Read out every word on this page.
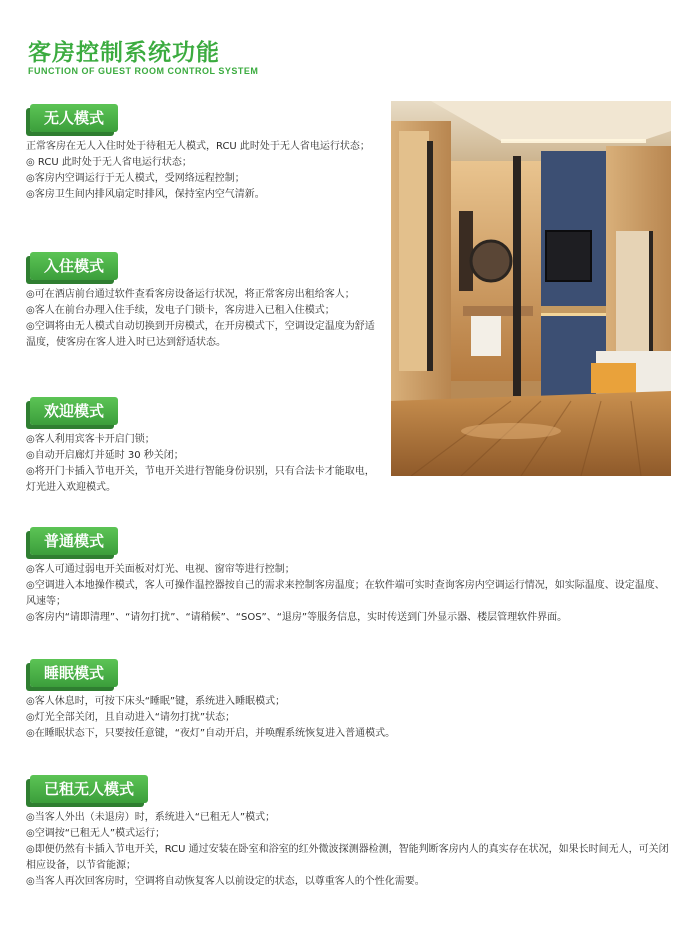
客房控制系统功能
FUNCTION OF GUEST ROOM CONTROL SYSTEM
无人模式

正常客房在无人入住时处于待租无人模式，RCU 此时处于无人省电运行状态；

◎ RCU 此时处于无人省电运行状态；

◎客房内空调运行于无人模式，受网络远程控制；

◎客房卫生间内排风扇定时排风，保持室内空气清新。

入住模式

◎可在酒店前台通过软件查看客房设备运行状况，将正常客房出租给客人；

◎客人在前台办理入住手续，发电子门锁卡，客房进入已租入住模式；

◎空调将由无人模式自动切换到开房模式，在开房模式下，空调设定温度为舒适温度，使客房在客人进入时已达到舒适状态。

欢迎模式

◎客人利用宾客卡开启门锁；

◎自动开启廊灯并延时 30 秒关闭；

◎将开门卡插入节电开关，节电开关进行智能身份识别，只有合法卡才能取电，灯光进入欢迎模式。

普通模式

◎客人可通过弱电开关面板对灯光、电视、窗帘等进行控制；

◎空调进入本地操作模式，客人可操作温控器按自己的需求来控制客房温度；在软件端可实时查询客房内空调运行情况，如实际温度、设定温度、风速等；

◎客房内“请即清理”、“请勿打扰”、“请稍候”、“SOS”、“退房”等服务信息，实时传送到门外显示器、楼层管理软件界面。

睡眠模式

◎客人休息时，可按下床头“睡眠”键，系统进入睡眠模式；

◎灯光全部关闭，且自动进入“请勿打扰”状态；

◎在睡眠状态下，只要按任意键，“夜灯”自动开启，并唤醒系统恢复进入普通模式。

已租无人模式

◎当客人外出（未退房）时，系统进入“已租无人”模式；

◎空调按“已租无人”模式运行；

◎即便仍然有卡插入节电开关，RCU 通过安装在卧室和浴室的红外微波探测器检测，智能判断客房内人的真实存在状况，如果长时间无人，可关闭相应设备，以节省能源；

◎当客人再次回客房时，空调将自动恢复客人以前设定的状态，以尊重客人的个性化需要。
